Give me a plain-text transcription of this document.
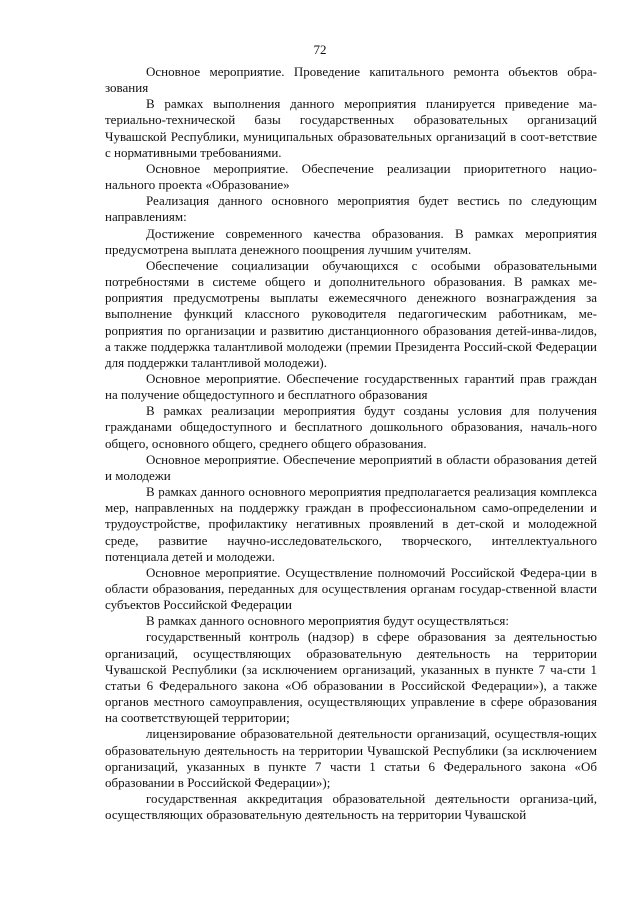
72

Основное мероприятие. Проведение капитального ремонта объектов обра-зования

В рамках выполнения данного мероприятия планируется приведение ма-териально-технической базы государственных образовательных организаций Чувашской Республики, муниципальных образовательных организаций в соот-ветствие с нормативными требованиями.

Основное мероприятие. Обеспечение реализации приоритетного нацио-нального проекта «Образование»

Реализация данного основного мероприятия будет вестись по следующим направлениям:

Достижение современного качества образования. В рамках мероприятия предусмотрена выплата денежного поощрения лучшим учителям.

Обеспечение социализации обучающихся с особыми образовательными потребностями в системе общего и дополнительного образования. В рамках ме-роприятия предусмотрены выплаты ежемесячного денежного вознаграждения за выполнение функций классного руководителя педагогическим работникам, ме-роприятия по организации и развитию дистанционного образования детей-инва-лидов, а также поддержка талантливой молодежи (премии Президента Россий-ской Федерации для поддержки талантливой молодежи).

Основное мероприятие. Обеспечение государственных гарантий прав граждан на получение общедоступного и бесплатного образования

В рамках реализации мероприятия будут созданы условия для получения гражданами общедоступного и бесплатного дошкольного образования, началь-ного общего, основного общего, среднего общего образования.

Основное мероприятие. Обеспечение мероприятий в области образования детей и молодежи

В рамках данного основного мероприятия предполагается реализация комплекса мер, направленных на поддержку граждан в профессиональном само-определении и трудоустройстве, профилактику негативных проявлений в дет-ской и молодежной среде, развитие научно-исследовательского, творческого, интеллектуального потенциала детей и молодежи.

Основное мероприятие. Осуществление полномочий Российской Федера-ции в области образования, переданных для осуществления органам государ-ственной власти субъектов Российской Федерации

В рамках данного основного мероприятия будут осуществляться:

государственный контроль (надзор) в сфере образования за деятельностью организаций, осуществляющих образовательную деятельность на территории Чувашской Республики (за исключением организаций, указанных в пункте 7 ча-сти 1 статьи 6 Федерального закона «Об образовании в Российской Федерации»), а также органов местного самоуправления, осуществляющих управление в сфере образования на соответствующей территории;

лицензирование образовательной деятельности организаций, осуществля-ющих образовательную деятельность на территории Чувашской Республики (за исключением организаций, указанных в пункте 7 части 1 статьи 6 Федерального закона «Об образовании в Российской Федерации»);

государственная аккредитация образовательной деятельности организа-ций, осуществляющих образовательную деятельность на территории Чувашской
